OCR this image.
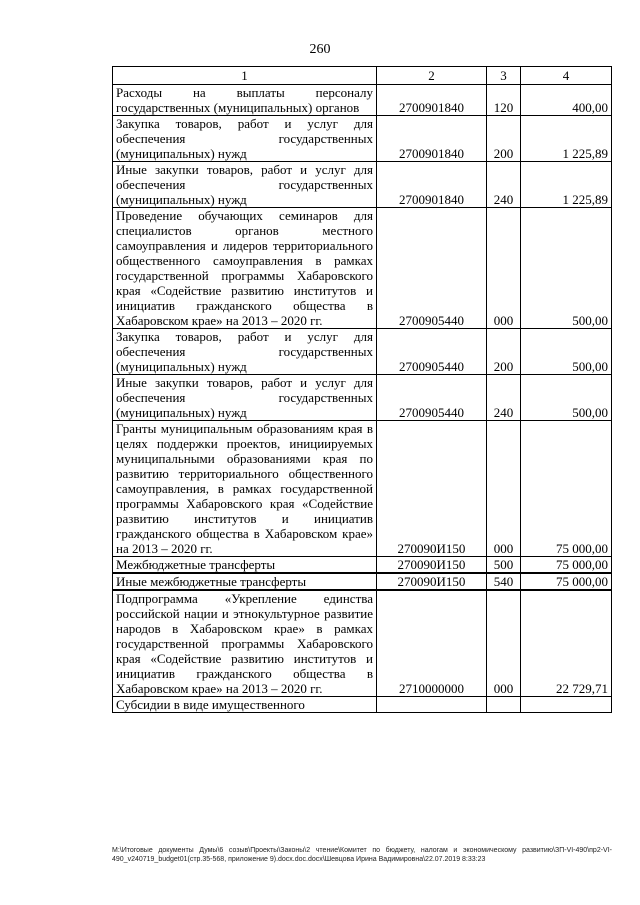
260
1	2	3	4
Расходы на выплаты персоналу государственных (муниципальных) органов	2700901840	120	400,00
Закупка товаров, работ и услуг для обеспечения государственных (муниципальных) нужд	2700901840	200	1 225,89
Иные закупки товаров, работ и услуг для обеспечения государственных (муниципальных) нужд	2700901840	240	1 225,89
Проведение обучающих семинаров для специалистов органов местного самоуправления и лидеров территориального общественного самоуправления в рамках государственной программы Хабаровского края «Содействие развитию институтов и инициатив гражданского общества в Хабаровском крае» на 2013 – 2020 гг.	2700905440	000	500,00
Закупка товаров, работ и услуг для обеспечения государственных (муниципальных) нужд	2700905440	200	500,00
Иные закупки товаров, работ и услуг для обеспечения государственных (муниципальных) нужд	2700905440	240	500,00
Гранты муниципальным образованиям края в целях поддержки проектов, инициируемых муниципальными образованиями края по развитию территориального общественного самоуправления, в рамках государственной программы Хабаровского края «Содействие развитию институтов и инициатив гражданского общества в Хабаровском крае» на 2013 – 2020 гг.	270090И150	000	75 000,00
Межбюджетные трансферты	270090И150	500	75 000,00
Иные межбюджетные трансферты	270090И150	540	75 000,00
Подпрограмма «Укрепление единства российской нации и этнокультурное развитие народов в Хабаровском крае» в рамках государственной программы Хабаровского края «Содействие развитию институтов и инициатив гражданского общества в Хабаровском крае» на 2013 – 2020 гг.	2710000000	000	22 729,71
Субсидии в виде имущественного			
M:\Итоговые документы Думы\6 созыв\Проекты\Законы\2 чтение\Комитет по бюджету, налогам и экономическому развитию\ЗП-VI-490\пр2-VI-490_v240719_budget01(стр.35-568, приложение 9).docx.doc.docx\Шевцова Ирина Вадимировна\22.07.2019 8:33:23
